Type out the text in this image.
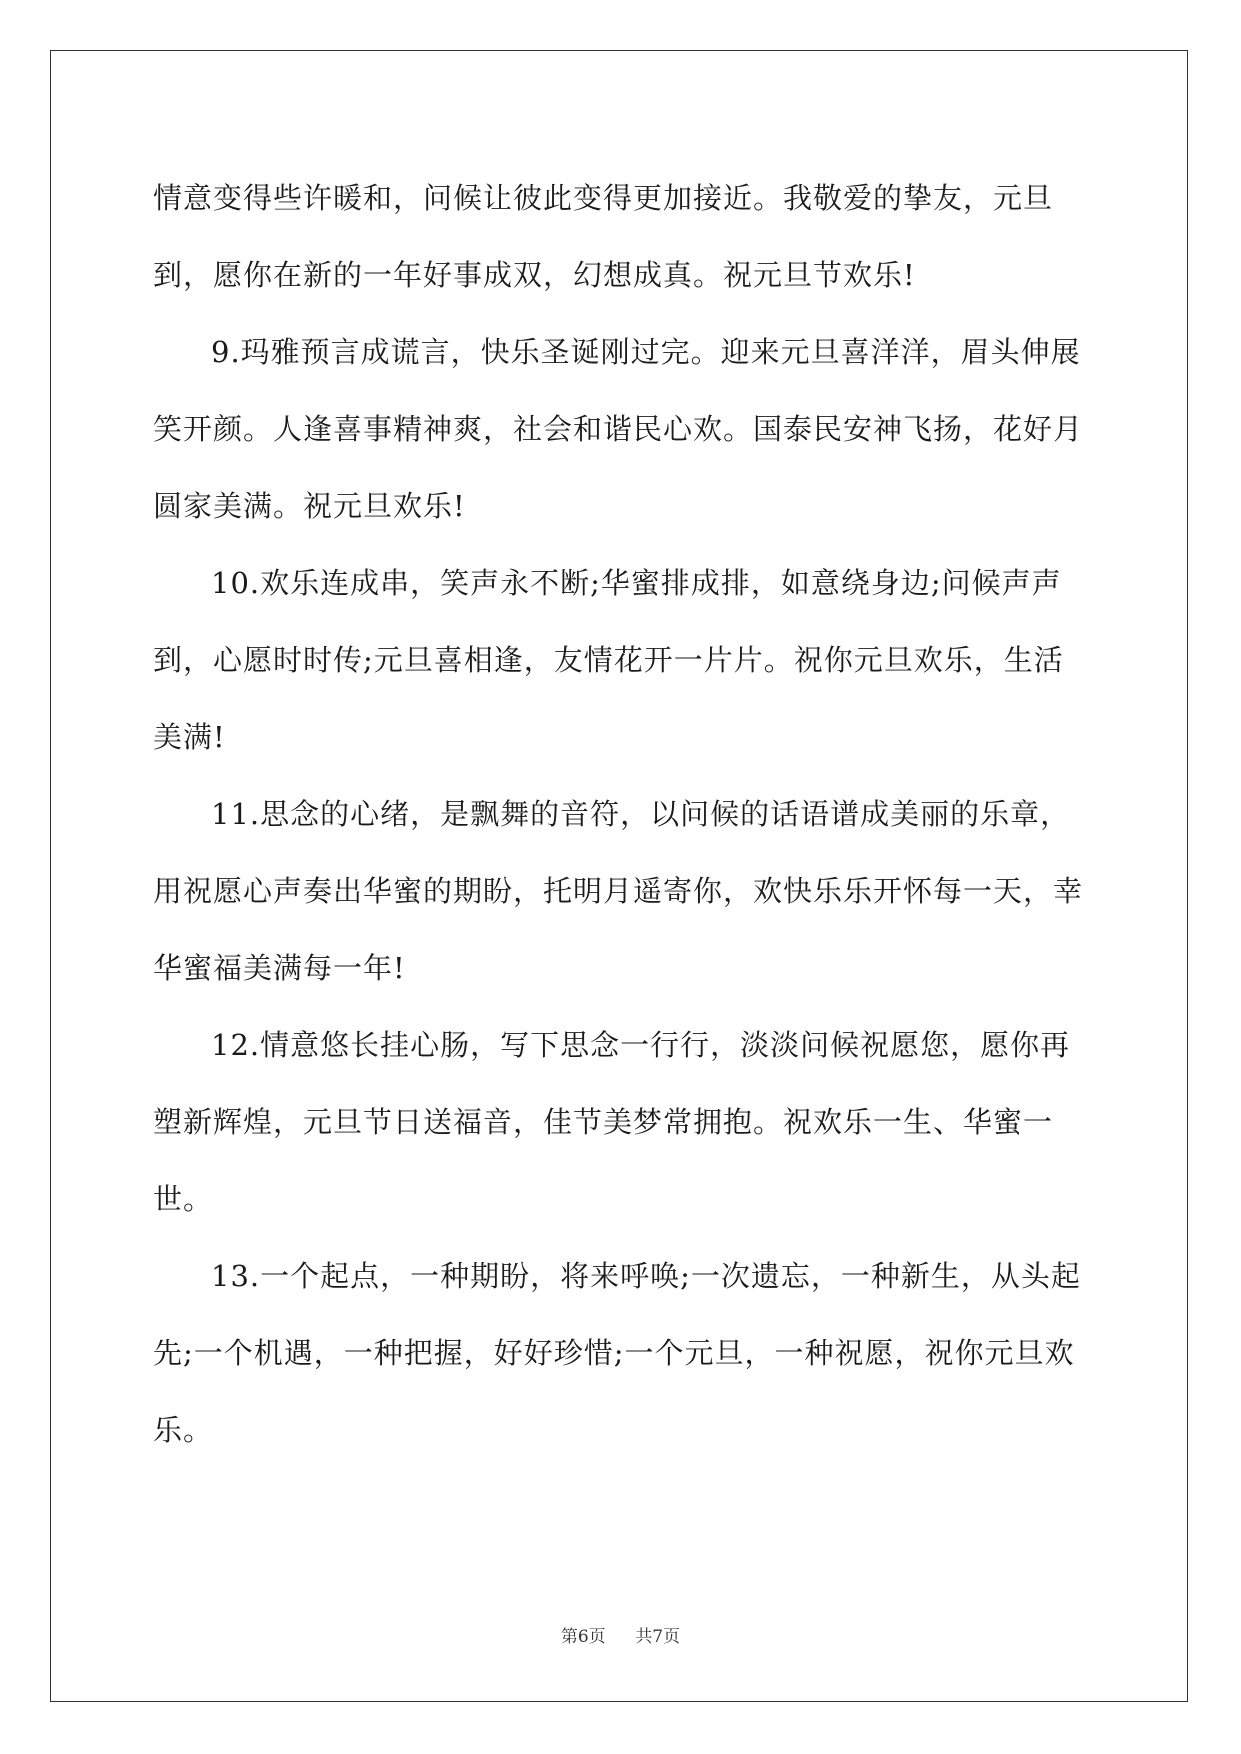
情意变得些许暖和，问候让彼此变得更加接近。我敬爱的挚友，元旦到，愿你在新的一年好事成双，幻想成真。祝元旦节欢乐!

9.玛雅预言成谎言，快乐圣诞刚过完。迎来元旦喜洋洋，眉头伸展笑开颜。人逢喜事精神爽，社会和谐民心欢。国泰民安神飞扬，花好月圆家美满。祝元旦欢乐!

10.欢乐连成串，笑声永不断;华蜜排成排，如意绕身边;问候声声到，心愿时时传;元旦喜相逢，友情花开一片片。祝你元旦欢乐，生活美满!

11.思念的心绪，是飘舞的音符，以问候的话语谱成美丽的乐章，用祝愿心声奏出华蜜的期盼，托明月遥寄你，欢快乐乐开怀每一天，幸华蜜福美满每一年!

12.情意悠长挂心肠，写下思念一行行，淡淡问候祝愿您，愿你再塑新辉煌，元旦节日送福音，佳节美梦常拥抱。祝欢乐一生、华蜜一世。

13.一个起点，一种期盼，将来呼唤;一次遗忘，一种新生，从头起先;一个机遇，一种把握，好好珍惜;一个元旦，一种祝愿，祝你元旦欢乐。

第6页 共7页
